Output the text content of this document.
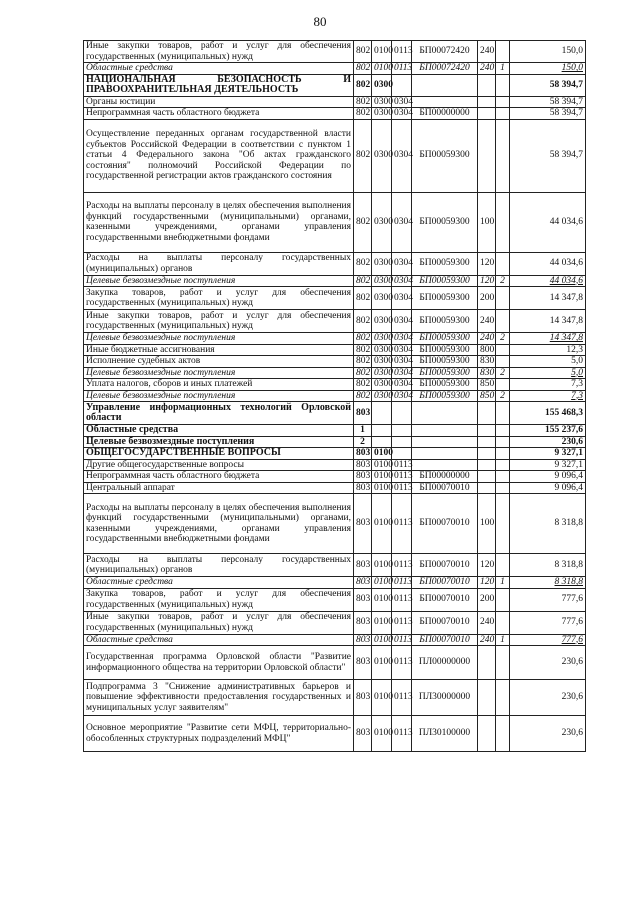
80
Иные закупки товаров, работ и услуг для обеспечения государственных (муниципальных) нужд	802	0100	0113	БП00072420	240		150,0
Областные средства	802	0100	0113	БП00072420	240	1	150,0
НАЦИОНАЛЬНАЯ БЕЗОПАСНОСТЬ И ПРАВООХРАНИТЕЛЬНАЯ ДЕЯТЕЛЬНОСТЬ	802	0300					58 394,7
Органы юстиции	802	0300	0304				58 394,7
Непрограммная часть областного бюджета	802	0300	0304	БП00000000			58 394,7
Осуществление переданных органам государственной власти субъектов Российской Федерации в соответствии с пунктом 1 статьи 4 Федерального закона "Об актах гражданского состояния" полномочий Российской Федерации по государственной регистрации актов гражданского состояния	802	0300	0304	БП00059300			58 394,7
Расходы на выплаты персоналу в целях обеспечения выполнения функций государственными (муниципальными) органами, казенными учреждениями, органами управления государственными внебюджетными фондами	802	0300	0304	БП00059300	100		44 034,6
Расходы на выплаты персоналу государственных (муниципальных) органов	802	0300	0304	БП00059300	120		44 034,6
Целевые безвозмездные поступления	802	0300	0304	БП00059300	120	2	44 034,6
Закупка товаров, работ и услуг для обеспечения государственных (муниципальных) нужд	802	0300	0304	БП00059300	200		14 347,8
Иные закупки товаров, работ и услуг для обеспечения государственных (муниципальных) нужд	802	0300	0304	БП00059300	240		14 347,8
Целевые безвозмездные поступления	802	0300	0304	БП00059300	240	2	14 347,8
Иные бюджетные ассигнования	802	0300	0304	БП00059300	800		12,3
Исполнение судебных актов	802	0300	0304	БП00059300	830		5,0
Целевые безвозмездные поступления	802	0300	0304	БП00059300	830	2	5,0
Уплата налогов, сборов и иных платежей	802	0300	0304	БП00059300	850		7,3
Целевые безвозмездные поступления	802	0300	0304	БП00059300	850	2	7,3
Управление информационных технологий Орловской области	803						155 468,3
Областные средства	1						155 237,6
Целевые безвозмездные поступления	2						230,6
ОБЩЕГОСУДАРСТВЕННЫЕ ВОПРОСЫ	803	0100					9 327,1
Другие общегосударственные вопросы	803	0100	0113				9 327,1
Непрограммная часть областного бюджета	803	0100	0113	БП00000000			9 096,4
Центральный аппарат	803	0100	0113	БП00070010			9 096,4
Расходы на выплаты персоналу в целях обеспечения выполнения функций государственными (муниципальными) органами, казенными учреждениями, органами управления государственными внебюджетными фондами	803	0100	0113	БП00070010	100		8 318,8
Расходы на выплаты персоналу государственных (муниципальных) органов	803	0100	0113	БП00070010	120		8 318,8
Областные средства	803	0100	0113	БП00070010	120	1	8 318,8
Закупка товаров, работ и услуг для обеспечения государственных (муниципальных) нужд	803	0100	0113	БП00070010	200		777,6
Иные закупки товаров, работ и услуг для обеспечения государственных (муниципальных) нужд	803	0100	0113	БП00070010	240		777,6
Областные средства	803	0100	0113	БП00070010	240	1	777,6
Государственная программа Орловской области "Развитие информационного общества на территории Орловской области"	803	0100	0113	ПЛ00000000			230,6
Подпрограмма 3 "Снижение административных барьеров и повышение эффективности предоставления государственных и муниципальных услуг заявителям"	803	0100	0113	ПЛ30000000			230,6
Основное мероприятие "Развитие сети МФЦ, территориально-обособленных структурных подразделений МФЦ"	803	0100	0113	ПЛ30100000			230,6
